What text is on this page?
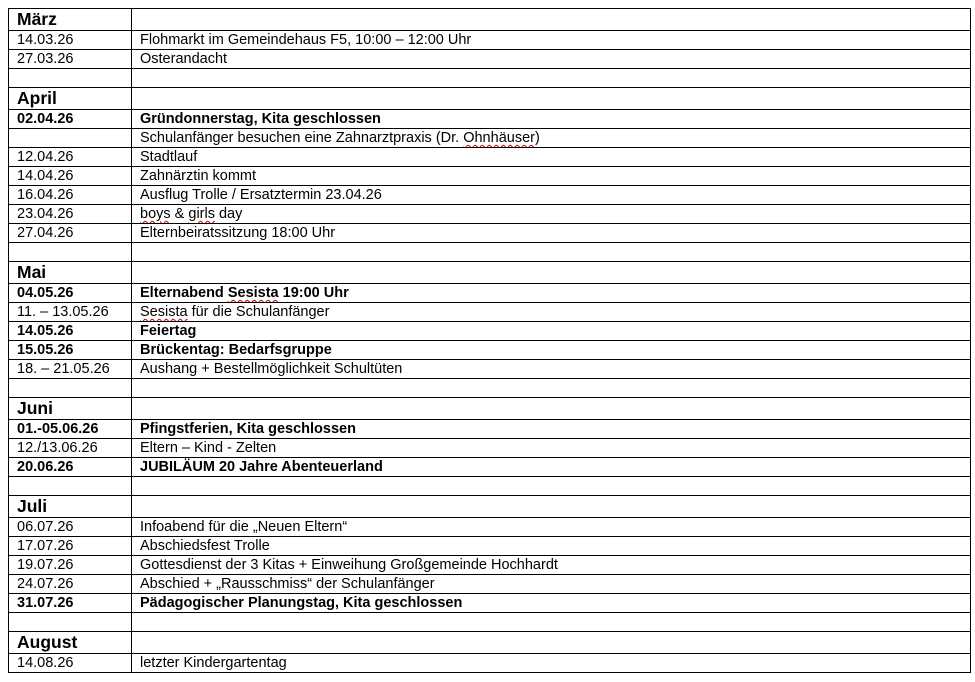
März	
14.03.26	Flohmarkt im Gemeindehaus F5, 10:00 – 12:00 Uhr
27.03.26	Osterandacht

April	
02.04.26	Gründonnerstag, Kita geschlossen
	Schulanfänger besuchen eine Zahnarztpraxis (Dr. Ohnhäuser)
12.04.26	Stadtlauf
14.04.26	Zahnärztin kommt
16.04.26	Ausflug Trolle / Ersatztermin 23.04.26
23.04.26	boys & girls day
27.04.26	Elternbeiratssitzung 18:00 Uhr

Mai	
04.05.26	Elternabend Sesista 19:00 Uhr
11. – 13.05.26	Sesista für die Schulanfänger
14.05.26	Feiertag
15.05.26	Brückentag: Bedarfsgruppe
18. – 21.05.26	Aushang + Bestellmöglichkeit Schultüten

Juni	
01.-05.06.26	Pfingstferien, Kita geschlossen
12./13.06.26	Eltern – Kind - Zelten
20.06.26	JUBILÄUM 20 Jahre Abenteuerland

Juli	
06.07.26	Infoabend für die „Neuen Eltern“
17.07.26	Abschiedsfest Trolle
19.07.26	Gottesdienst der 3 Kitas + Einweihung Großgemeinde Hochhardt
24.07.26	Abschied + „Rausschmiss“ der Schulanfänger
31.07.26	Pädagogischer Planungstag, Kita geschlossen

August	
14.08.26	letzter Kindergartentag
